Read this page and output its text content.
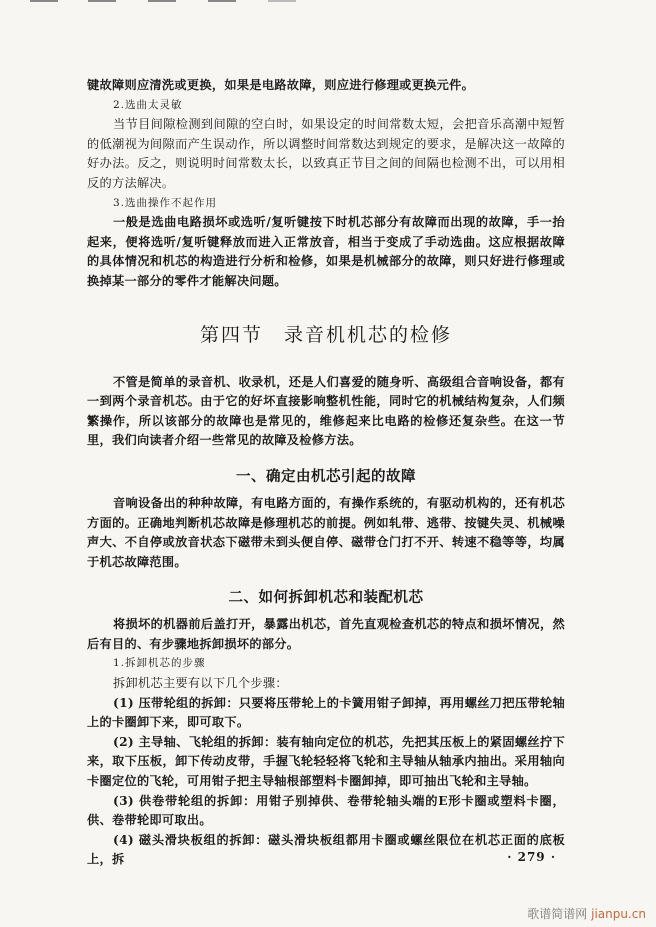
键故障则应清洗或更换，如果是电路故障，则应进行修理或更换元件。

2.选曲太灵敏

当节目间隙检测到间隙的空白时，如果设定的时间常数太短，会把音乐高潮中短暂的低潮视为间隙而产生误动作，所以调整时间常数达到规定的要求，是解决这一故障的好办法。反之，则说明时间常数太长，以致真正节目之间的间隔也检测不出，可以用相反的方法解决。

3.选曲操作不起作用

一般是选曲电路损坏或选听/复听键按下时机芯部分有故障而出现的故障，手一抬起来，便将选听/复听键释放而进入正常放音，相当于变成了手动选曲。这应根据故障的具体情况和机芯的构造进行分析和检修，如果是机械部分的故障，则只好进行修理或换掉某一部分的零件才能解决问题。

第四节　录音机机芯的检修

不管是简单的录音机、收录机，还是人们喜爱的随身听、高级组合音响设备，都有一到两个录音机芯。由于它的好坏直接影响整机性能，同时它的机械结构复杂，人们频繁操作，所以该部分的故障也是常见的，维修起来比电路的检修还复杂些。在这一节里，我们向读者介绍一些常见的故障及检修方法。

一、确定由机芯引起的故障

音响设备出的种种故障，有电路方面的，有操作系统的，有驱动机构的，还有机芯方面的。正确地判断机芯故障是修理机芯的前提。例如轧带、逃带、按键失灵、机械噪声大、不自停或放音状态下磁带未到头便自停、磁带仓门打不开、转速不稳等等，均属于机芯故障范围。

二、如何拆卸机芯和装配机芯

将损坏的机器前后盖打开，暴露出机芯，首先直观检查机芯的特点和损坏情况，然后有目的、有步骤地拆卸损坏的部分。

1.拆卸机芯的步骤

拆卸机芯主要有以下几个步骤：

(1) 压带轮组的拆卸：只要将压带轮上的卡簧用钳子卸掉，再用螺丝刀把压带轮轴上的卡圈卸下来，即可取下。

(2) 主导轴、飞轮组的拆卸：装有轴向定位的机芯，先把其压板上的紧固螺丝拧下来，取下压板，卸下传动皮带，手握飞轮轻轻将飞轮和主导轴从轴承内抽出。采用轴向卡圈定位的飞轮，可用钳子把主导轴根部塑料卡圈卸掉，即可抽出飞轮和主导轴。

(3) 供卷带轮组的拆卸：用钳子别掉供、卷带轮轴头端的E形卡圈或塑料卡圈，供、卷带轮即可取出。

(4) 磁头滑块板组的拆卸：磁头滑块板组都用卡圈或螺丝限位在机芯正面的底板上，拆	· 279 ·
歌谱简谱网 jianpu.cn
